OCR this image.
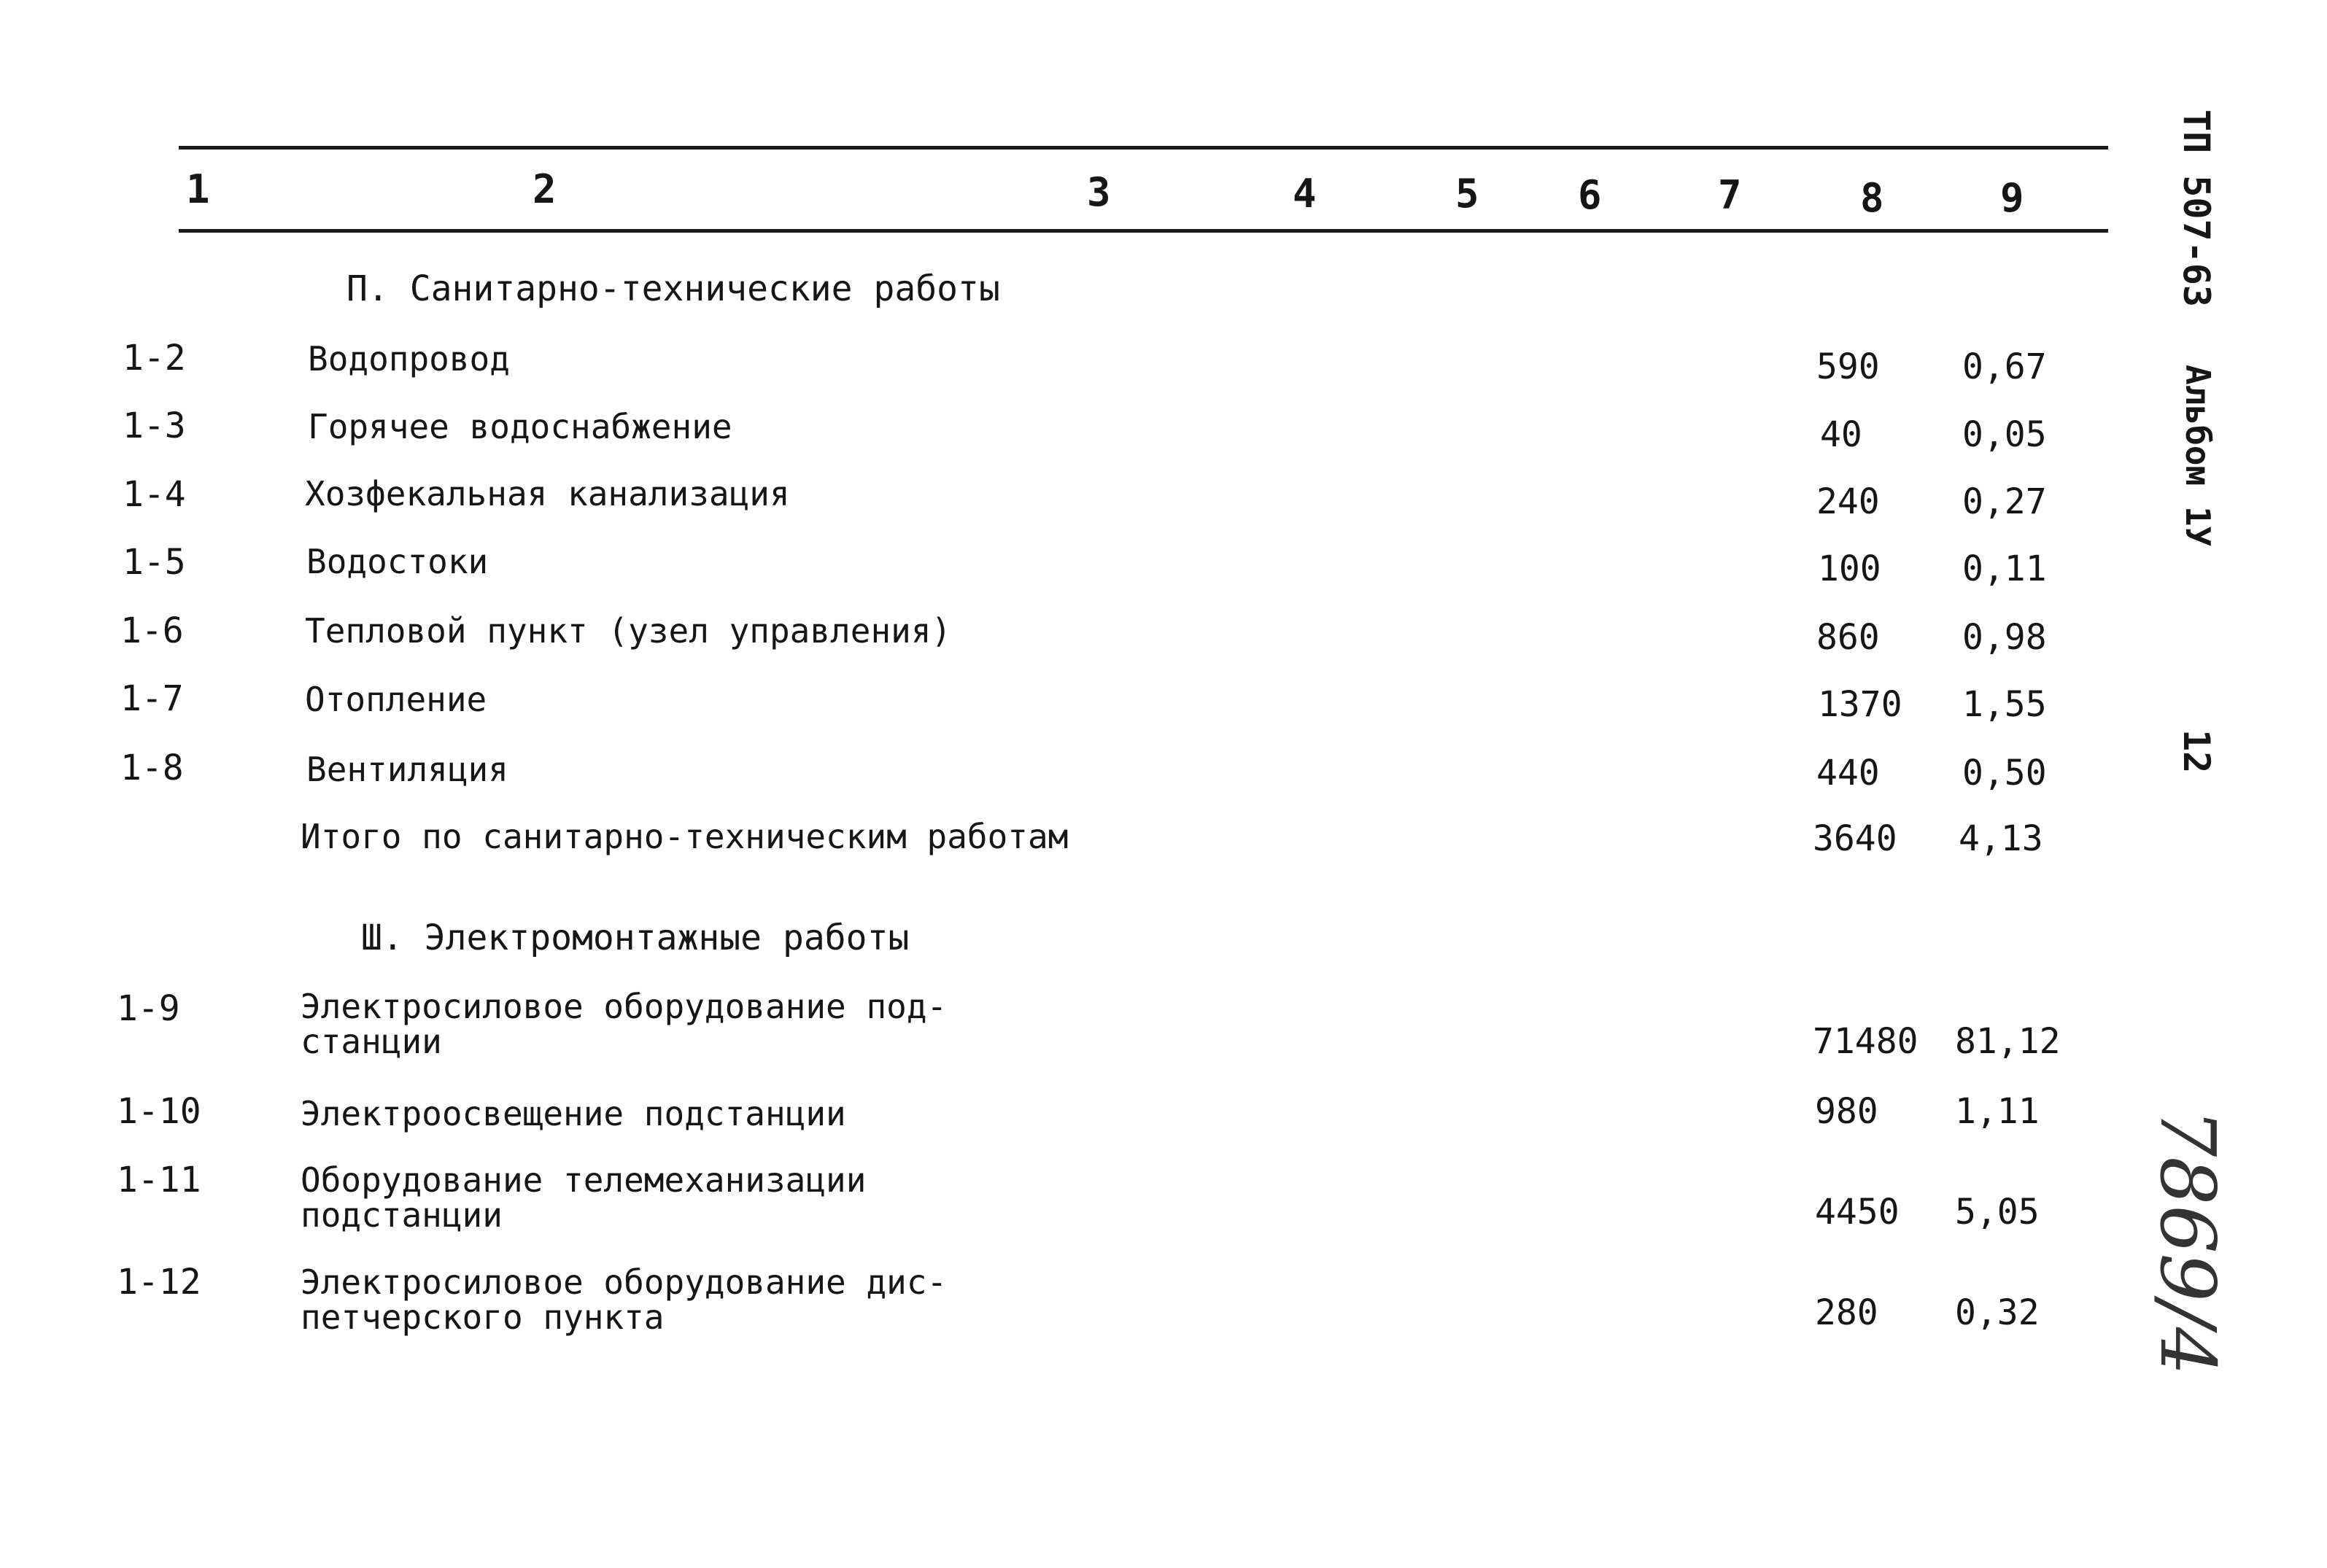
1	2	3	4	5	6	7	8	9
П. Санитарно-технические работы
1-2	Водопровод	590 0,67
1-3	Горячее водоснабжение	40	0,05
1-4	Хозфекальная канализация	240 0,27
1-5	Водостоки	100 0,11
1-6	Тепловой пункт (узел управления)	860 0,98
1-7	Отопление	1370 1,55
1-8	Вентиляция	440 0,50
Итого по санитарно-техническим работам	3640 4,13
Ш. Электромонтажные работы
1-9	Электросиловое оборудование под-
станции	71480 81,12
1-10	Электроосвещение подстанции	980 1,11
1-11	Оборудование телемеханизации
подстанции	4450 5,05
1-12	Электросиловое оборудование дис-
петчерского пункта	280 0,32
ТП 507-63
Альбом 1У
12
7869/4
